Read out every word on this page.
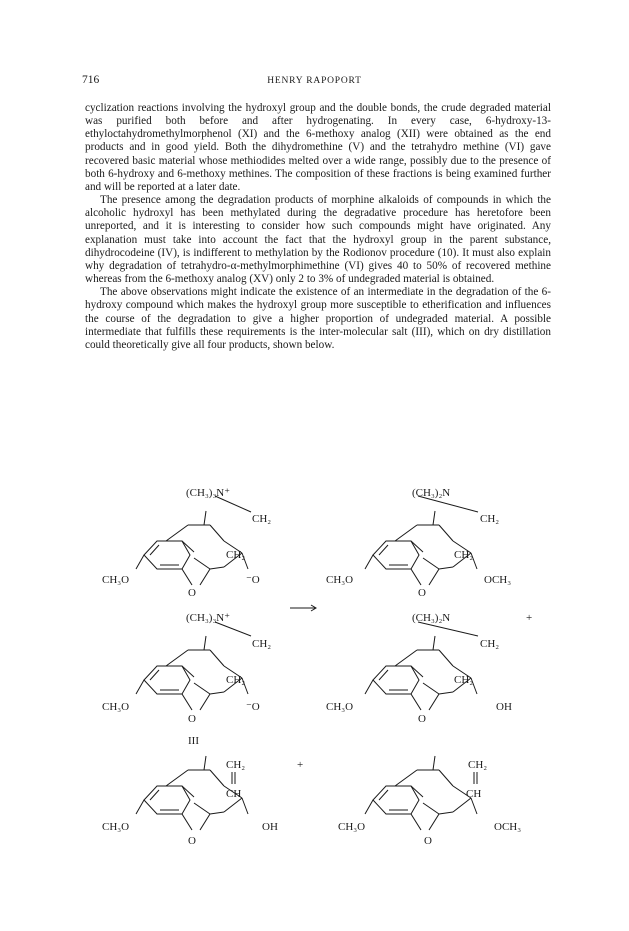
716	HENRY RAPOPORT

cyclization reactions involving the hydroxyl group and the double bonds, the crude degraded material was purified both before and after hydrogenating. In every case, 6-hydroxy-13-ethyloctahydromethylmorphenol (XI) and the 6-methoxy analog (XII) were obtained as the end products and in good yield. Both the dihydromethine (V) and the tetrahydro methine (VI) gave recovered basic material whose methiodides melted over a wide range, possibly due to the presence of both 6-hydroxy and 6-methoxy methines. The composition of these fractions is being examined further and will be reported at a later date.

The presence among the degradation products of morphine alkaloids of compounds in which the alcoholic hydroxyl has been methylated during the degradative procedure has heretofore been unreported, and it is interesting to consider how such compounds might have originated. Any explanation must take into account the fact that the hydroxyl group in the parent substance, dihydrocodeine (IV), is indifferent to methylation by the Rodionov procedure (10). It must also explain why degradation of tetrahydro-α-methylmorphimethine (VI) gives 40 to 50% of recovered methine whereas from the 6-methoxy analog (XV) only 2 to 3% of undegraded material is obtained.

The above observations might indicate the existence of an intermediate in the degradation of the 6-hydroxy compound which makes the hydroxyl group more susceptible to etherification and influences the course of the degradation to give a higher proportion of undegraded material. A possible intermediate that fulfills these requirements is the inter-molecular salt (III), which on dry distillation could theoretically give all four products, shown below.

(CH₃)₃N⁺
CH₂
CH₂
CH₃O
O
⁻O
(CH₃)₂N
CH₂
CH₂
CH₃O
O
OCH₃
(CH₃)₃N⁺
CH₂
CH₂
CH₃O
O
⁻O
III
+
(CH₃)₂N
CH₂
CH₂
CH₃O
O
OH
CH₂
CH
CH₃O
O
OH
+	CH₂
CH
CH₃O
O
OCH₃
